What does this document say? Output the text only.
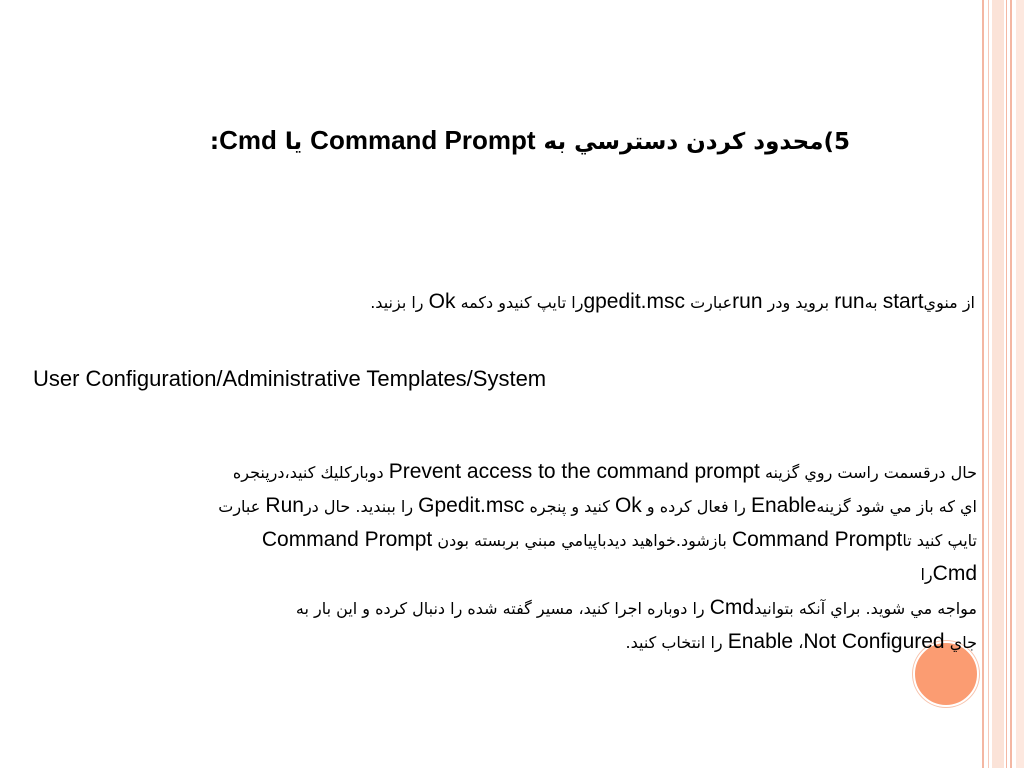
5)محدود كردن دسترسي به Command Prompt يا Cmd:
از منويstart بهrun برويد ودر runعبارت gpedit.mscرا تايپ كنيدو دكمه Ok را بزنيد.
User Configuration/Administrative Templates/System
حال درقسمت راست روي گزينه Prevent access to the command prompt دوباركليك كنيد،درپنجره
اي كه باز مي شود گزينهEnable را فعال كرده و Ok كنيد و پنجره Gpedit.msc را ببنديد. حال درRun عبارت
تايپ كنيد تاCommand Prompt بازشود.خواهيد ديدباپيامي مبني بربسته بودن Command Prompt
Cmdرا
مواجه مي شويد. براي آنكه بتوانيدCmd را دوباره اجرا كنيد، مسير گفته شده را دنبال كرده و اين بار به
جاي Not Configured، Enable را انتخاب كنيد.
